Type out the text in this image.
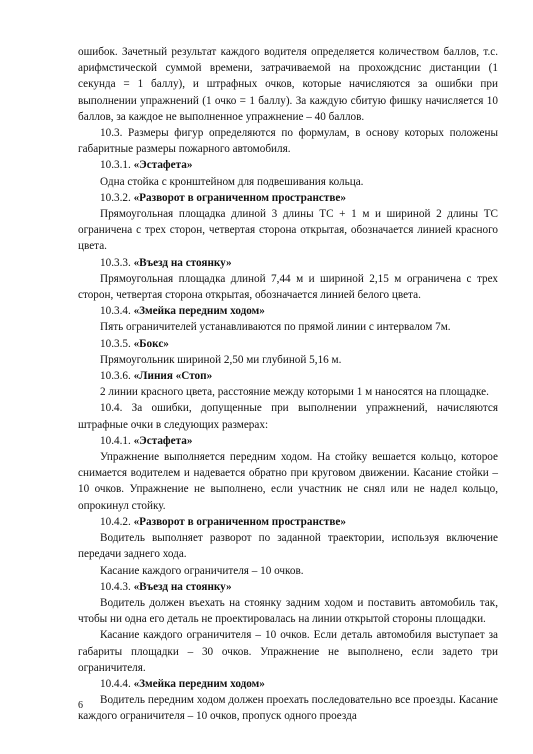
ошибок. Зачетный результат каждого водителя определяется количеством баллов, т.с. арифмстической суммой времени, затрачиваемой на прохождснис дистанции (1 секунда = 1 баллу), и штрафных очков, которые начисляются за ошибки при выполнении упражнений (1 очко = 1 баллу). За каждую сбитую фишку начисляется 10 баллов, за каждое не выполненное упражнение – 40 баллов.

10.3. Размеры фигур определяются по формулам, в основу которых положены габаритные размеры пожарного автомобиля.

10.3.1. «Эстафета»

Одна стойка с кронштейном для подвешивания кольца.

10.3.2. «Разворот в ограниченном пространстве»

Прямоугольная площадка длиной 3 длины ТС + 1 м и шириной 2 длины ТС ограничена с трех сторон, четвертая сторона открытая, обозначается линией красного цвета.

10.3.3. «Въезд на стоянку»

Прямоугольная площадка длиной 7,44 м и шириной 2,15 м ограничена с трех сторон, четвертая сторона открытая, обозначается линией белого цвета.

10.3.4. «Змейка передним ходом»

Пять ограничителей устанавливаются по прямой линии с интервалом 7м.

10.3.5. «Бокс»

Прямоугольник шириной 2,50 ми глубиной 5,16 м.

10.3.6. «Линия «Стоп»

2 линии красного цвета, расстояние между которыми 1 м наносятся на площадке.

10.4. За ошибки, допущенные при выполнении упражнений, начисляются штрафные очки в следующих размерах:

10.4.1. «Эстафета»

Упражнение выполняется передним ходом. На стойку вешается кольцо, которое снимается водителем и надевается обратно при круговом движении. Касание стойки – 10 очков. Упражнение не выполнено, если участник не снял или не надел кольцо, опрокинул стойку.

10.4.2. «Разворот в ограниченном пространстве»

Водитель выполняет разворот по заданной траектории, используя включение передачи заднего хода.

Касание каждого ограничителя – 10 очков.

10.4.3. «Въезд на стоянку»

Водитель должен въехать на стоянку задним ходом и поставить автомобиль так, чтобы ни одна его деталь не проектировалась на линии открытой стороны площадки.

Касание каждого ограничителя – 10 очков. Если деталь автомобиля выступает за габариты площадки – 30 очков. Упражнение не выполнено, если задето три ограничителя.

10.4.4. «Змейка передним ходом»

Водитель передним ходом должен проехать последовательно все проезды. Касание каждого ограничителя – 10 очков, пропуск одного проезда

6
